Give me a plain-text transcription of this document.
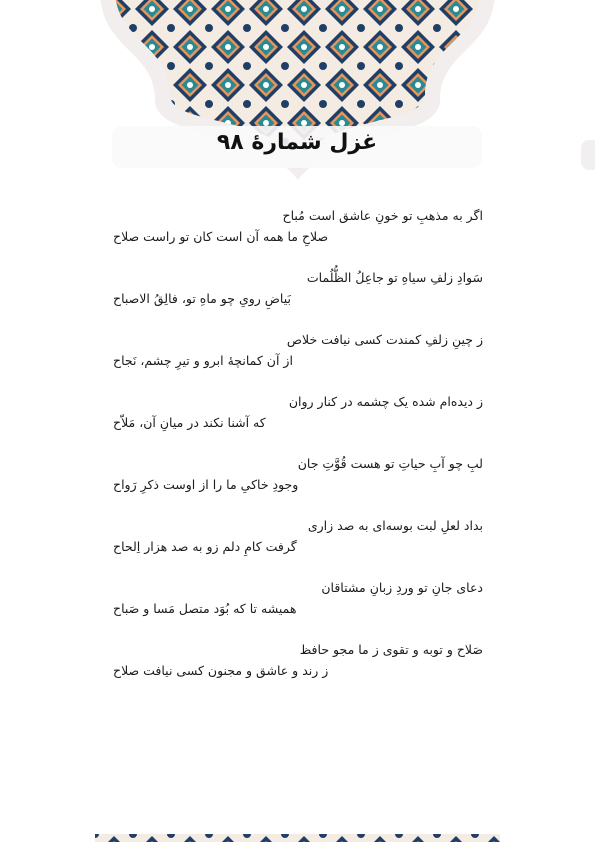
غزل شمارهٔ ۹۸
اگر به مذهبِ تو خونِ عاشق است مُباح
صلاحِ ما همه آن است کان تو راست صلاح
سَوادِ زلفِ سیاهِ تو جاعِلُ الظُّلُمات
بَیاضِ رویِ چو ماهِ تو، فالِقُ الاصباح
ز چینِ زلفِ کمندت کسی نیافت خلاص
از آن کمانچهٔ ابرو و تیرِ چشم، نَجاح
ز دیده‌ام شده یک چشمه در کنار روان
که آشنا نکند در میانِ آن، مَلاّح
لبِ چو آبِ حیاتِ تو هست قُوَّتِ جان
وجودِ خاکیِ ما را از اوست ذکرِ رَواح
بداد لعلِ لبت بوسه‌ای به صد زاری
گرفت کامِ دلم زو به صد هزار اِلحاح
دعای جانِ تو وردِ زبانِ مشتاقان
همیشه تا که بُوَد متصل مَسا و صَباح
صَلاح و توبه و تقوی ز ما مجو حافظ
ز رند و عاشق و مجنون کسی نیافت صلاح
